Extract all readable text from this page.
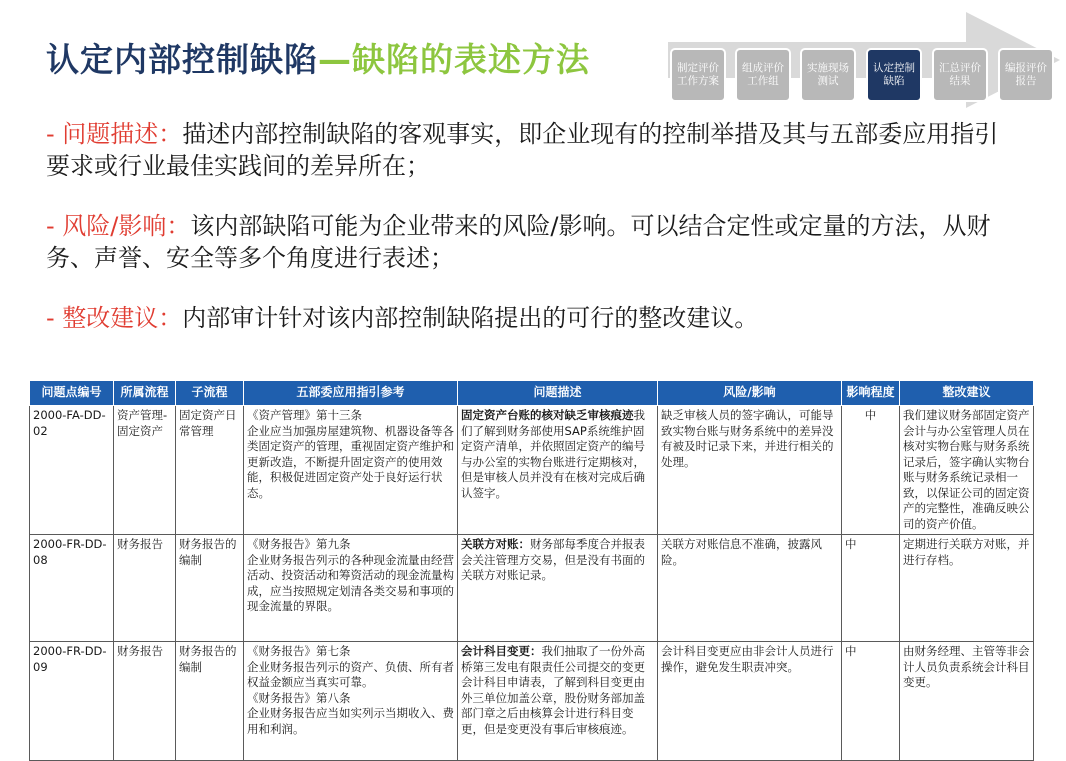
认定内部控制缺陷—缺陷的表述方法	制定评价工作方案
组成评价工作组
实施现场测试
认定控制缺陷
汇总评价结果
编报评价报告

- 问题描述：描述内部控制缺陷的客观事实，即企业现有的控制举措及其与五部委应用指引要求或行业最佳实践间的差异所在；

- 风险/影响：该内部缺陷可能为企业带来的风险/影响。可以结合定性或定量的方法，从财务、声誉、安全等多个角度进行表述；

- 整改建议：内部审计针对该内部控制缺陷提出的可行的整改建议。

问题点编号	所属流程	子流程	五部委应用指引参考	问题描述	风险/影响	影响程度	整改建议
2000-FA-DD-02	资产管理-固定资产	固定资产日常管理	《资产管理》第十三条
企业应当加强房屋建筑物、机器设备等各类固定资产的管理，重视固定资产维护和更新改造，不断提升固定资产的使用效能，积极促进固定资产处于良好运行状态。	固定资产台账的核对缺乏审核痕迹我们了解到财务部使用SAP系统维护固定资产清单，并依照固定资产的编号与办公室的实物台账进行定期核对，但是审核人员并没有在核对完成后确认签字。	缺乏审核人员的签字确认，可能导致实物台账与财务系统中的差异没有被及时记录下来，并进行相关的处理。	中	我们建议财务部固定资产会计与办公室管理人员在核对实物台账与财务系统记录后，签字确认实物台账与财务系统记录相一致，以保证公司的固定资产的完整性，准确反映公司的资产价值。
2000-FR-DD-08	财务报告	财务报告的编制	《财务报告》第九条
企业财务报告列示的各种现金流量由经营活动、投资活动和筹资活动的现金流量构成，应当按照规定划清各类交易和事项的现金流量的界限。	关联方对账：财务部每季度合并报表会关注管理方交易，但是没有书面的关联方对账记录。	关联方对账信息不准确，披露风险。	中	定期进行关联方对账，并进行存档。
2000-FR-DD-09	财务报告	财务报告的编制	《财务报告》第七条
企业财务报告列示的资产、负债、所有者权益金额应当真实可靠。
《财务报告》第八条
企业财务报告应当如实列示当期收入、费用和利润。	会计科目变更：我们抽取了一份外高桥第三发电有限责任公司提交的变更会计科目申请表，了解到科目变更由外三单位加盖公章，股份财务部加盖部门章之后由核算会计进行科目变更，但是变更没有事后审核痕迹。	会计科目变更应由非会计人员进行操作，避免发生职责冲突。	中	由财务经理、主管等非会计人员负责系统会计科目变更。
